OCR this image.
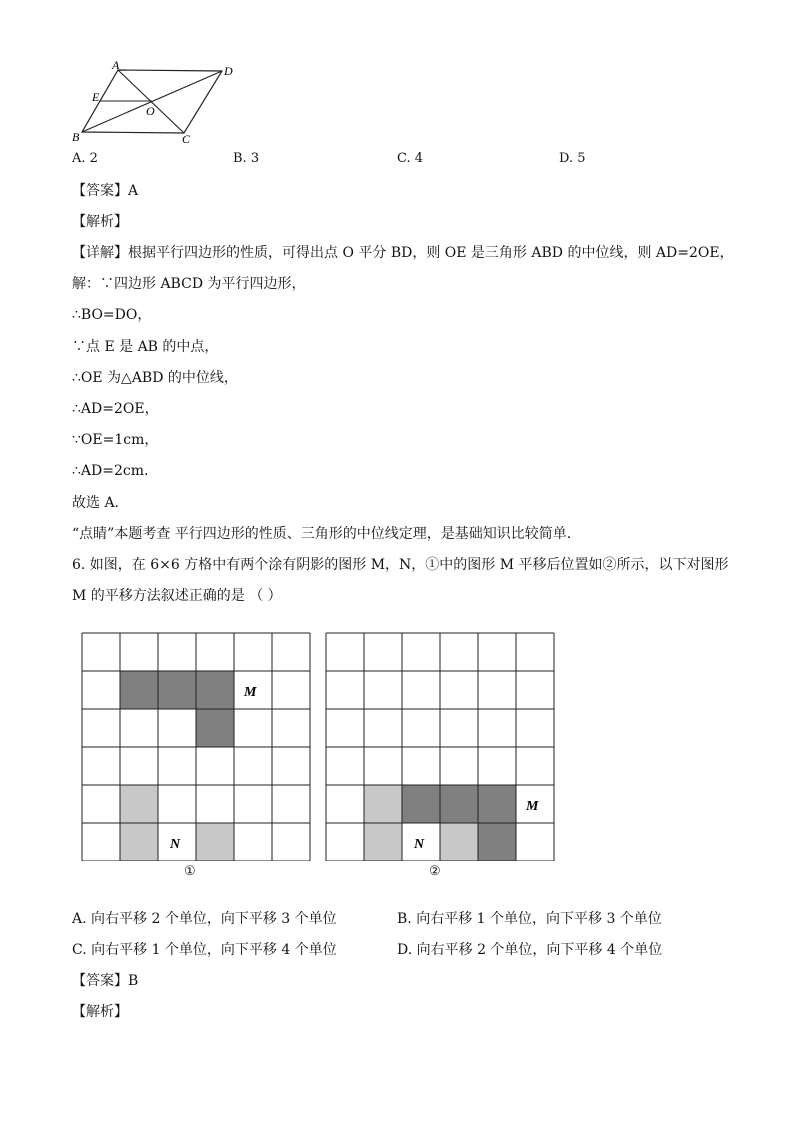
A	D
E
O
B	C
A. 2	B. 3	C. 4	D. 5
【答案】A
【解析】
【详解】根据平行四边形的性质，可得出点 O 平分 BD，则 OE 是三角形 ABD 的中位线，则 AD=2OE，
解：∵四边形 ABCD 为平行四边形，
∴BO=DO，
∵点 E 是 AB 的中点，
∴OE 为△ABD 的中位线，
∴AD=2OE，
∵OE=1cm，
∴AD=2cm.
故选 A.
“点睛”本题考查 平行四边形的性质、三角形的中位线定理，是基础知识比较简单.
6. 如图，在 6×6 方格中有两个涂有阴影的图形 M，N，①中的图形 M 平移后位置如②所示，以下对图形
M 的平移方法叙述正确的是 （ ）
M
N
①
M
N
②
A. 向右平移 2 个单位，向下平移 3 个单位	B. 向右平移 1 个单位，向下平移 3 个单位
C. 向右平移 1 个单位，向下平移 4 个单位	D. 向右平移 2 个单位，向下平移 4 个单位
【答案】B
【解析】
